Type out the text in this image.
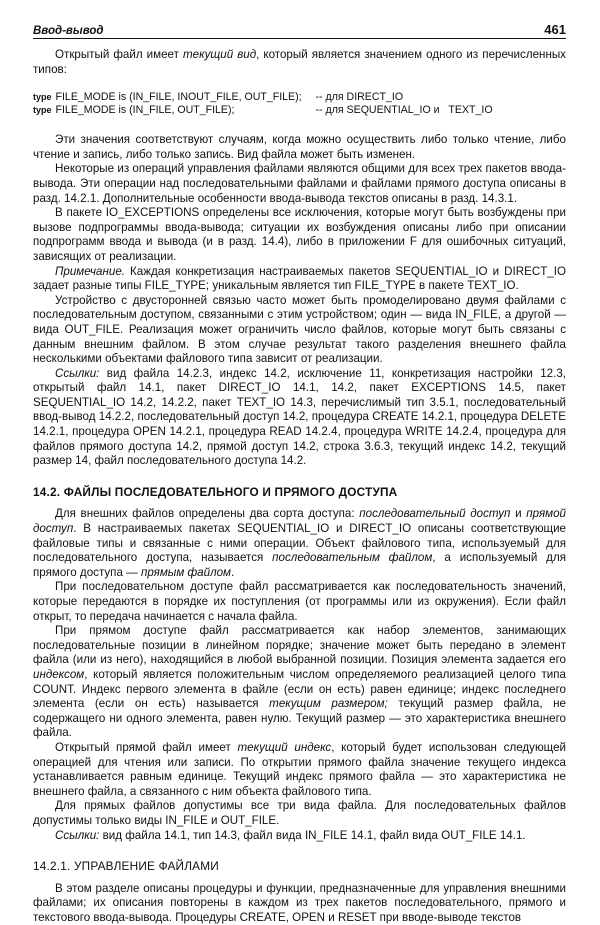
Ввод-вывод	461

Открытый файл имеет текущий вид, который является значением одного из перечисленных типов:

type FILE_MODE is (IN_FILE, INOUT_FILE, OUT_FILE);	-- для DIRECT_IO
type FILE_MODE is (IN_FILE, OUT_FILE);	-- для SEQUENTIAL_IO и   TEXT_IO

Эти значения соответствуют случаям, когда можно осуществить либо только чтение, либо чтение и запись, либо только запись. Вид файла может быть изменен.

Некоторые из операций управления файлами являются общими для всех трех пакетов ввода-вывода. Эти операции над последовательными файлами и файлами прямого доступа описаны в разд. 14.2.1. Дополнительные особенности ввода-вывода текстов описаны в разд. 14.3.1.

В пакете IO_EXCEPTIONS определены все исключения, которые могут быть возбуждены при вызове подпрограммы ввода-вывода; ситуации их возбуждения описаны либо при описании подпрограмм ввода и вывода (и в разд. 14.4), либо в приложении F для ошибочных ситуаций, зависящих от реализации.

Примечание. Каждая конкретизация настраиваемых пакетов SEQUENTIAL_IO и DIRECT_IO задает разные типы FILE_TYPE; уникальным является тип FILE_TYPE в пакете TEXT_IO.

Устройство с двусторонней связью часто может быть промоделировано двумя файлами с последовательным доступом, связанными с этим устройством; один — вида IN_FILE, а другой — вида OUT_FILE. Реализация может ограничить число файлов, которые могут быть связаны с данным внешним файлом. В этом случае результат такого разделения внешнего файла несколькими объектами файлового типа зависит от реализации.

Ссылки: вид файла 14.2.3, индекс 14.2, исключение 11, конкретизация настройки 12.3, открытый файл 14.1, пакет DIRECT_IO 14.1, 14.2, пакет EXCEPTIONS 14.5, пакет SEQUENTIAL_IO 14.2, 14.2.2, пакет TEXT_IO 14.3, перечислимый тип 3.5.1, последовательный ввод-вывод 14.2.2, последовательный доступ 14.2, процедура CREATE 14.2.1, процедура DELETE 14.2.1, процедура OPEN 14.2.1, процедура READ 14.2.4, процедура WRITE 14.2.4, процедура для файлов прямого доступа 14.2, прямой доступ 14.2, строка 3.6.3, текущий индекс 14.2, текущий размер 14, файл последовательного доступа 14.2.

14.2. ФАЙЛЫ ПОСЛЕДОВАТЕЛЬНОГО И ПРЯМОГО ДОСТУПА

Для внешних файлов определены два сорта доступа: последовательный доступ и прямой доступ. В настраиваемых пакетах SEQUENTIAL_IO и DIRECT_IO описаны соответствующие файловые типы и связанные с ними операции. Объект файлового типа, используемый для последовательного доступа, называется последовательным файлом, а используемый для прямого доступа — прямым файлом.

При последовательном доступе файл рассматривается как последовательность значений, которые передаются в порядке их поступления (от программы или из окружения). Если файл открыт, то передача начинается с начала файла.

При прямом доступе файл рассматривается как набор элементов, занимающих последовательные позиции в линейном порядке; значение может быть передано в элемент файла (или из него), находящийся в любой выбранной позиции. Позиция элемента задается его индексом, который является положительным числом определяемого реализацией целого типа COUNT. Индекс первого элемента в файле (если он есть) равен единице; индекс последнего элемента (если он есть) называется текущим размером; текущий размер файла, не содержащего ни одного элемента, равен нулю. Текущий размер — это характеристика внешнего файла.

Открытый прямой файл имеет текущий индекс, который будет использован следующей операцией для чтения или записи. По открытии прямого файла значение текущего индекса устанавливается равным единице. Текущий индекс прямого файла — это характеристика не внешнего файла, а связанного с ним объекта файлового типа.

Для прямых файлов допустимы все три вида файла. Для последовательных файлов допустимы только виды IN_FILE и OUT_FILE.

Ссылки: вид файла 14.1, тип 14.3, файл вида IN_FILE 14.1, файл вида OUT_FILE 14.1.

14.2.1. УПРАВЛЕНИЕ ФАЙЛАМИ

В этом разделе описаны процедуры и функции, предназначенные для управления внешними файлами; их описания повторены в каждом из трех пакетов последовательного, прямого и текстового ввода-вывода. Процедуры CREATE, OPEN и RESET при вводе-выводе текстов
